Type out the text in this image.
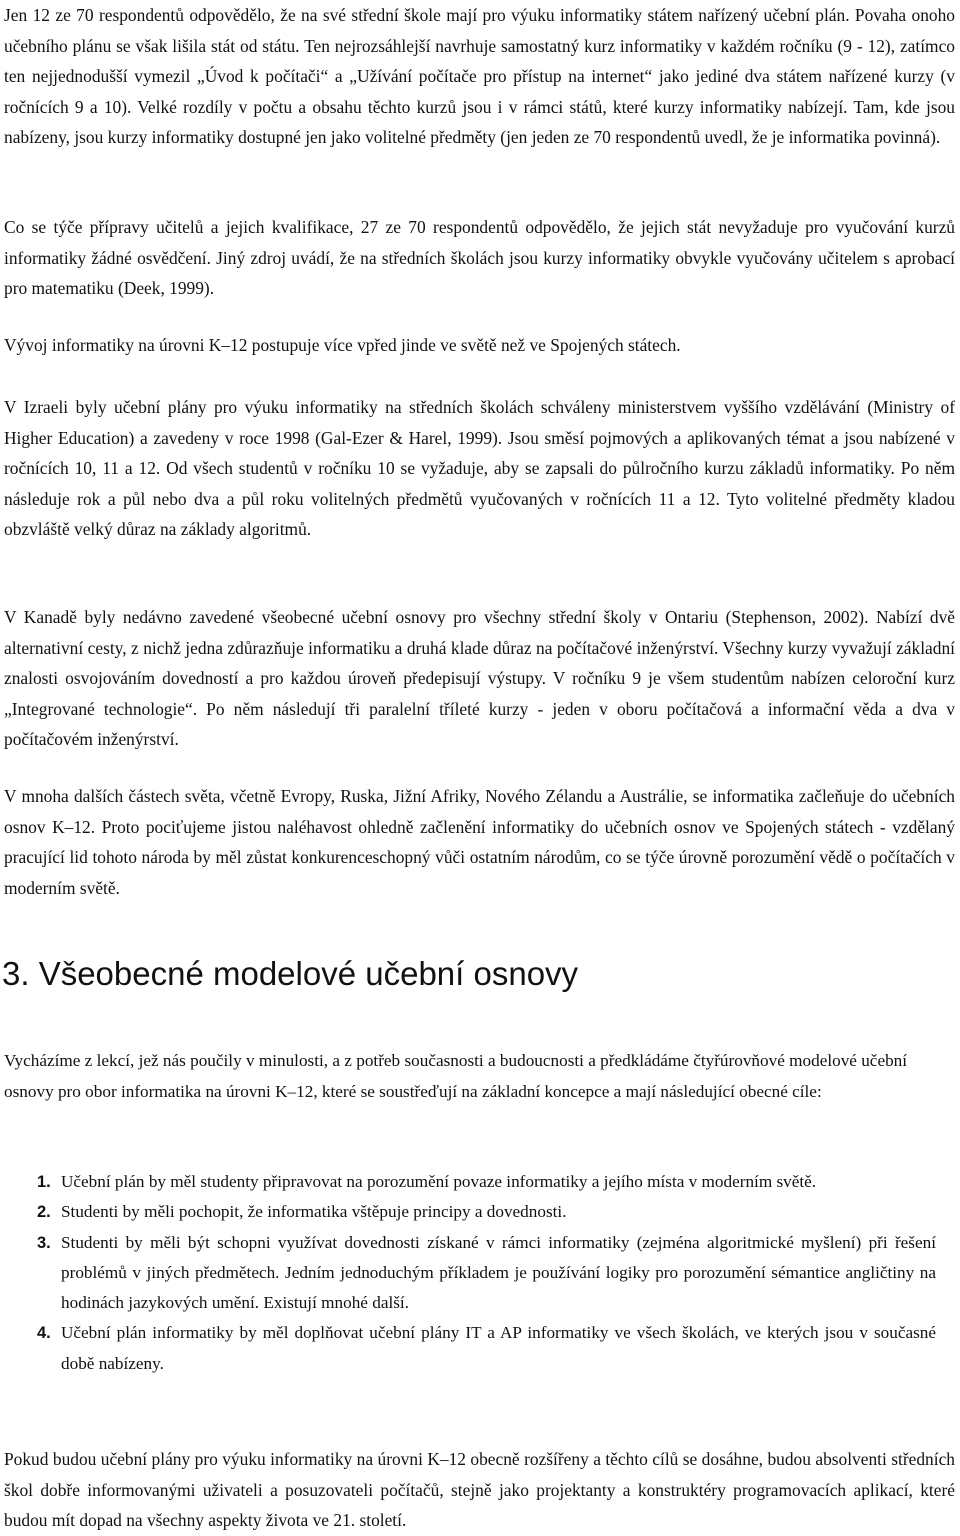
Jen 12 ze 70 respondentů odpovědělo, že na své střední škole mají pro výuku informatiky státem nařízený učební plán. Povaha onoho učebního plánu se však lišila stát od státu. Ten nejrozsáhlejší navrhuje samostatný kurz informatiky v každém ročníku (9 - 12), zatímco ten nejjednodušší vymezil „Úvod k počítači“ a „Užívání počítače pro přístup na internet“ jako jediné dva státem nařízené kurzy (v ročnících 9 a 10). Velké rozdíly v počtu a obsahu těchto kurzů jsou i v rámci států, které kurzy informatiky nabízejí. Tam, kde jsou nabízeny, jsou kurzy informatiky dostupné jen jako volitelné předměty (jen jeden ze 70 respondentů uvedl, že je informatika povinná).

Co se týče přípravy učitelů a jejich kvalifikace, 27 ze 70 respondentů odpovědělo, že jejich stát nevyžaduje pro vyučování kurzů informatiky žádné osvědčení. Jiný zdroj uvádí, že na středních školách jsou kurzy informatiky obvykle vyučovány učitelem s aprobací pro matematiku (Deek, 1999).

Vývoj informatiky na úrovni K–12 postupuje více vpřed jinde ve světě než ve Spojených státech.

V Izraeli byly učební plány pro výuku informatiky na středních školách schváleny ministerstvem vyššího vzdělávání (Ministry of Higher Education) a zavedeny v roce 1998 (Gal-Ezer & Harel, 1999). Jsou směsí pojmových a aplikovaných témat a jsou nabízené v ročnících 10, 11 a 12. Od všech studentů v ročníku 10 se vyžaduje, aby se zapsali do půlročního kurzu základů informatiky. Po něm následuje rok a půl nebo dva a půl roku volitelných předmětů vyučovaných v ročnících 11 a 12. Tyto volitelné předměty kladou obzvláště velký důraz na základy algoritmů.

V Kanadě byly nedávno zavedené všeobecné učební osnovy pro všechny střední školy v Ontariu (Stephenson, 2002). Nabízí dvě alternativní cesty, z nichž jedna zdůrazňuje informatiku a druhá klade důraz na počítačové inženýrství. Všechny kurzy vyvažují základní znalosti osvojováním dovedností a pro každou úroveň předepisují výstupy. V ročníku 9 je všem studentům nabízen celoroční kurz „Integrované technologie“. Po něm následují tři paralelní tříleté kurzy - jeden v oboru počítačová a informační věda a dva v počítačovém inženýrství.

V mnoha dalších částech světa, včetně Evropy, Ruska, Jižní Afriky, Nového Zélandu a Austrálie, se informatika začleňuje do učebních osnov K–12. Proto pociťujeme jistou naléhavost ohledně začlenění informatiky do učebních osnov ve Spojených státech - vzdělaný pracující lid tohoto národa by měl zůstat konkurenceschopný vůči ostatním národům, co se týče úrovně porozumění vědě o počítačích v moderním světě.

3. Všeobecné modelové učební osnovy

Vycházíme z lekcí, jež nás poučily v minulosti, a z potřeb současnosti a budoucnosti a předkládáme čtyřúrovňové modelové učební osnovy pro obor informatika na úrovni K–12, které se soustřeďují na základní koncepce a mají následující obecné cíle:

1. Učební plán by měl studenty připravovat na porozumění povaze informatiky a jejího místa v moderním světě.
2. Studenti by měli pochopit, že informatika vštěpuje principy a dovednosti.
3. Studenti by měli být schopni využívat dovednosti získané v rámci informatiky (zejména algoritmické myšlení) při řešení problémů v jiných předmětech. Jedním jednoduchým příkladem je používání logiky pro porozumění sémantice angličtiny na hodinách jazykových umění. Existují mnohé další.
4. Učební plán informatiky by měl doplňovat učební plány IT a AP informatiky ve všech školách, ve kterých jsou v současné době nabízeny.

Pokud budou učební plány pro výuku informatiky na úrovni K–12 obecně rozšířeny a těchto cílů se dosáhne, budou absolventi středních škol dobře informovanými uživateli a posuzovateli počítačů, stejně jako projektanty a konstruktéry programovacích aplikací, které budou mít dopad na všechny aspekty života ve 21. století.
